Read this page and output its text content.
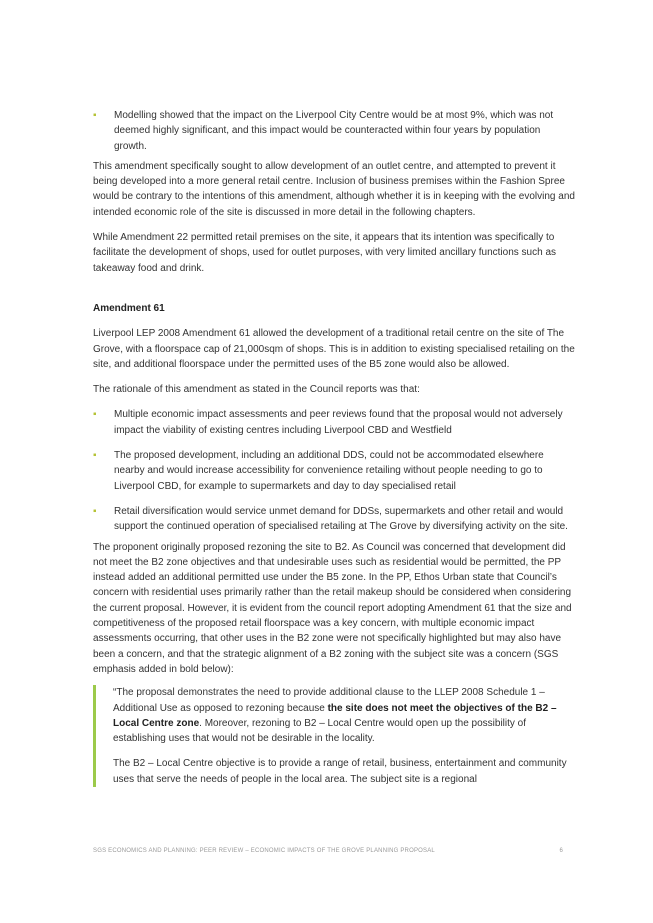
▪ Modelling showed that the impact on the Liverpool City Centre would be at most 9%, which was not deemed highly significant, and this impact would be counteracted within four years by population growth.

This amendment specifically sought to allow development of an outlet centre, and attempted to prevent it being developed into a more general retail centre. Inclusion of business premises within the Fashion Spree would be contrary to the intentions of this amendment, although whether it is in keeping with the evolving and intended economic role of the site is discussed in more detail in the following chapters.

While Amendment 22 permitted retail premises on the site, it appears that its intention was specifically to facilitate the development of shops, used for outlet purposes, with very limited ancillary functions such as takeaway food and drink.

Amendment 61

Liverpool LEP 2008 Amendment 61 allowed the development of a traditional retail centre on the site of The Grove, with a floorspace cap of 21,000sqm of shops. This is in addition to existing specialised retailing on the site, and additional floorspace under the permitted uses of the B5 zone would also be allowed.

The rationale of this amendment as stated in the Council reports was that:

▪ Multiple economic impact assessments and peer reviews found that the proposal would not adversely impact the viability of existing centres including Liverpool CBD and Westfield

▪ The proposed development, including an additional DDS, could not be accommodated elsewhere nearby and would increase accessibility for convenience retailing without people needing to go to Liverpool CBD, for example to supermarkets and day to day specialised retail

▪ Retail diversification would service unmet demand for DDSs, supermarkets and other retail and would support the continued operation of specialised retailing at The Grove by diversifying activity on the site.

The proponent originally proposed rezoning the site to B2. As Council was concerned that development did not meet the B2 zone objectives and that undesirable uses such as residential would be permitted, the PP instead added an additional permitted use under the B5 zone. In the PP, Ethos Urban state that Council’s concern with residential uses primarily rather than the retail makeup should be considered when considering the current proposal. However, it is evident from the council report adopting Amendment 61 that the size and competitiveness of the proposed retail floorspace was a key concern, with multiple economic impact assessments occurring, that other uses in the B2 zone were not specifically highlighted but may also have been a concern, and that the strategic alignment of a B2 zoning with the subject site was a concern (SGS emphasis added in bold below):

“The proposal demonstrates the need to provide additional clause to the LLEP 2008 Schedule 1 – Additional Use as opposed to rezoning because the site does not meet the objectives of the B2 – Local Centre zone. Moreover, rezoning to B2 – Local Centre would open up the possibility of establishing uses that would not be desirable in the locality.

The B2 – Local Centre objective is to provide a range of retail, business, entertainment and community uses that serve the needs of people in the local area. The subject site is a regional

SGS ECONOMICS AND PLANNING: PEER REVIEW – ECONOMIC IMPACTS OF THE GROVE PLANNING PROPOSAL	6
